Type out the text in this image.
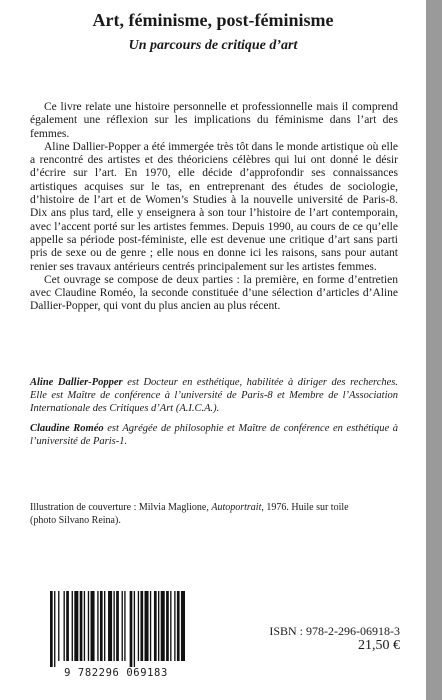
Art, féminisme, post-féminisme
Un parcours de critique d’art

Ce livre relate une histoire personnelle et professionnelle mais il comprend également une réflexion sur les implications du féminisme dans l’art des femmes.

Aline Dallier-Popper a été immergée très tôt dans le monde artistique où elle a rencontré des artistes et des théoriciens célèbres qui lui ont donné le désir d’écrire sur l’art. En 1970, elle décide d’approfondir ses connaissances artistiques acquises sur le tas, en entreprenant des études de sociologie, d’histoire de l’art et de Women’s Studies à la nouvelle université de Paris-8. Dix ans plus tard, elle y enseignera à son tour l’histoire de l’art contemporain, avec l’accent porté sur les artistes femmes. Depuis 1990, au cours de ce qu’elle appelle sa période post-féministe, elle est devenue une critique d’art sans parti pris de sexe ou de genre ; elle nous en donne ici les raisons, sans pour autant renier ses travaux antérieurs centrés principalement sur les artistes femmes.

Cet ouvrage se compose de deux parties : la première, en forme d’entretien avec Claudine Roméo, la seconde constituée d’une sélection d’articles d’Aline Dallier-Popper, qui vont du plus ancien au plus récent.

Aline Dallier-Popper est Docteur en esthétique, habilitée à diriger des recherches. Elle est Maître de conférence à l’université de Paris-8 et Membre de l’Association Internationale des Critiques d’Art (A.I.C.A.).
Claudine Roméo est Agrégée de philosophie et Maître de conférence en esthétique à l’université de Paris-1.
Illustration de couverture : Milvia Maglione, Autoportrait, 1976. Huile sur toile (photo Silvano Reina).
9 782296 069183
ISBN : 978-2-296-06918-3
21,50 €
